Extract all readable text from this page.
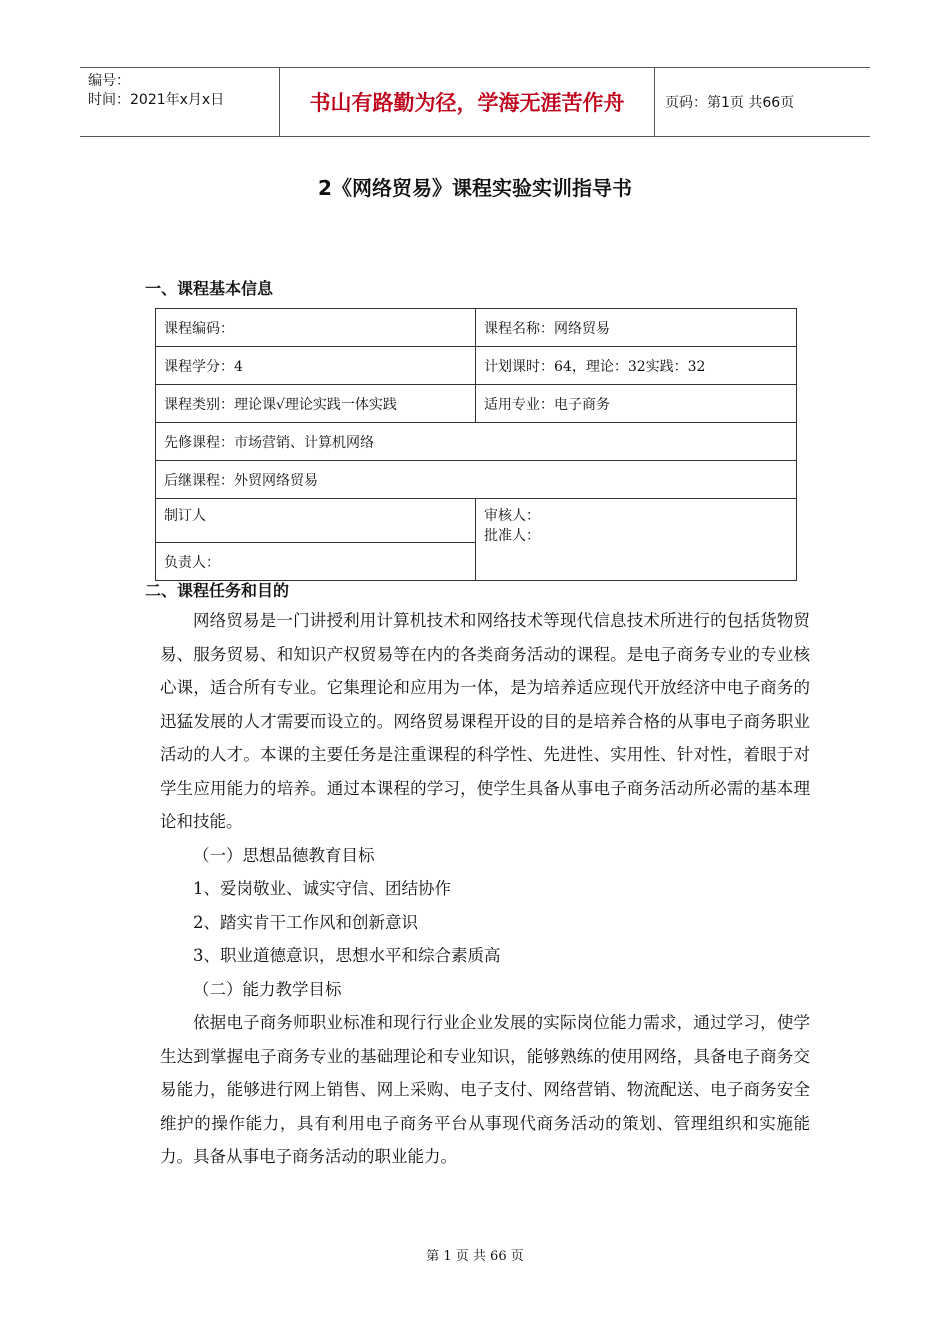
编号：
时间：2021年x月x日	书山有路勤为径，学海无涯苦作舟	页码：第1页 共66页
2《网络贸易》课程实验实训指导书
一、课程基本信息
课程编码：	课程名称：网络贸易
课程学分：4	计划课时：64，理论：32实践：32
课程类别：理论课√理论实践一体实践	适用专业：电子商务
先修课程：市场营销、计算机网络	
后继课程：外贸网络贸易	
制订人	审核人：
批准人：

负责人：	
二、课程任务和目的

网络贸易是一门讲授利用计算机技术和网络技术等现代信息技术所进行的包括货物贸易、服务贸易、和知识产权贸易等在内的各类商务活动的课程。是电子商务专业的专业核心课，适合所有专业。它集理论和应用为一体，是为培养适应现代开放经济中电子商务的迅猛发展的人才需要而设立的。网络贸易课程开设的目的是培养合格的从事电子商务职业活动的人才。本课的主要任务是注重课程的科学性、先进性、实用性、针对性，着眼于对学生应用能力的培养。通过本课程的学习，使学生具备从事电子商务活动所必需的基本理论和技能。

（一）思想品德教育目标

1、爱岗敬业、诚实守信、团结协作

2、踏实肯干工作风和创新意识

3、职业道德意识，思想水平和综合素质高

（二）能力教学目标

依据电子商务师职业标准和现行行业企业发展的实际岗位能力需求，通过学习，使学生达到掌握电子商务专业的基础理论和专业知识，能够熟练的使用网络，具备电子商务交易能力，能够进行网上销售、网上采购、电子支付、网络营销、物流配送、电子商务安全维护的操作能力，具有利用电子商务平台从事现代商务活动的策划、管理组织和实施能力。具备从事电子商务活动的职业能力。

第 1 页 共 66 页
